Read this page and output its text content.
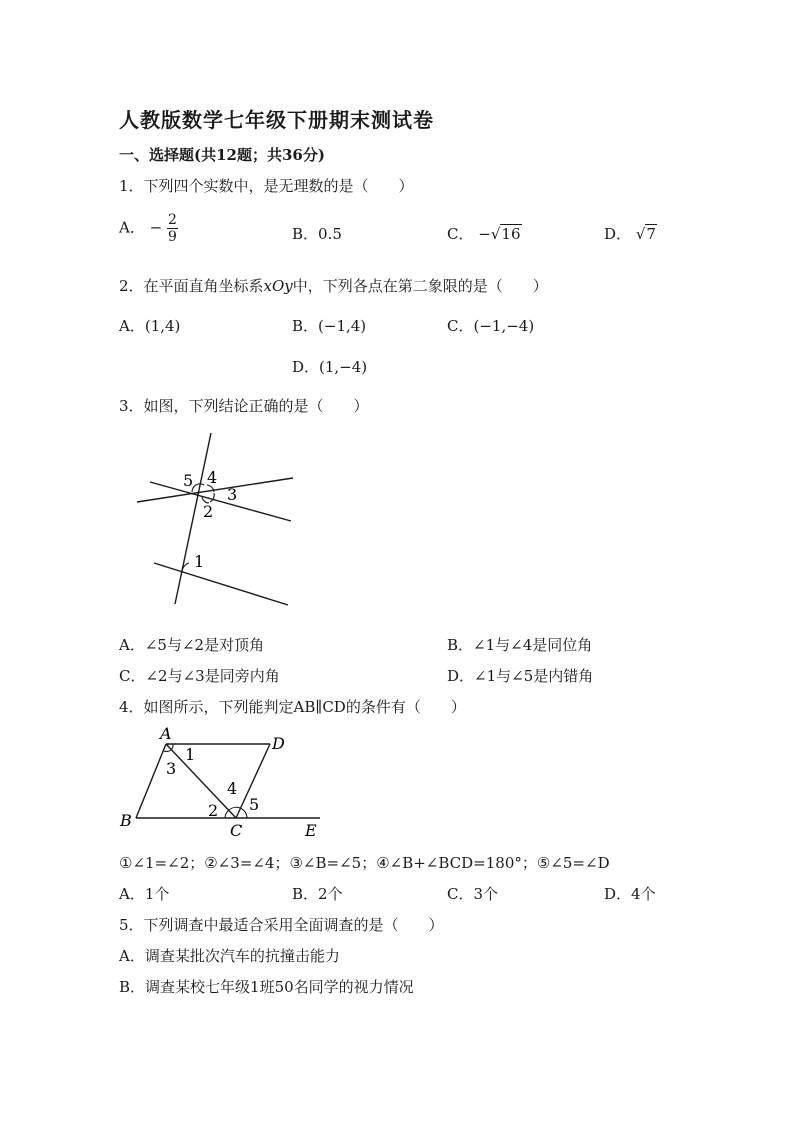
人教版数学七年级下册期末测试卷
一、选择题(共12题；共36分)
1．下列四个实数中，是无理数的是（　　）
A． − $\frac{2}{9}$	B．0.5	C． −√16	D． √7
2．在平面直角坐标系xOy中，下列各点在第二象限的是（　　）
A．(1,4)	B．(−1,4)	C．(−1,−4)
D．(1,−4)
3．如图，下列结论正确的是（　　）
5 4
3
2
1
A．∠5与∠2是对顶角	B．∠1与∠4是同位角
C．∠2与∠3是同旁内角	D．∠1与∠5是内错角
4．如图所示，下列能判定AB∥CD的条件有（　　）
A
D
B
C	E
1
3
4
2 5
①∠1=∠2；②∠3=∠4；③∠B=∠5；④∠B+∠BCD=180°；⑤∠5=∠D
A．1个	B．2个	C．3个	D．4个
5．下列调查中最适合采用全面调查的是（　　）
A．调查某批次汽车的抗撞击能力
B．调查某校七年级1班50名同学的视力情况
